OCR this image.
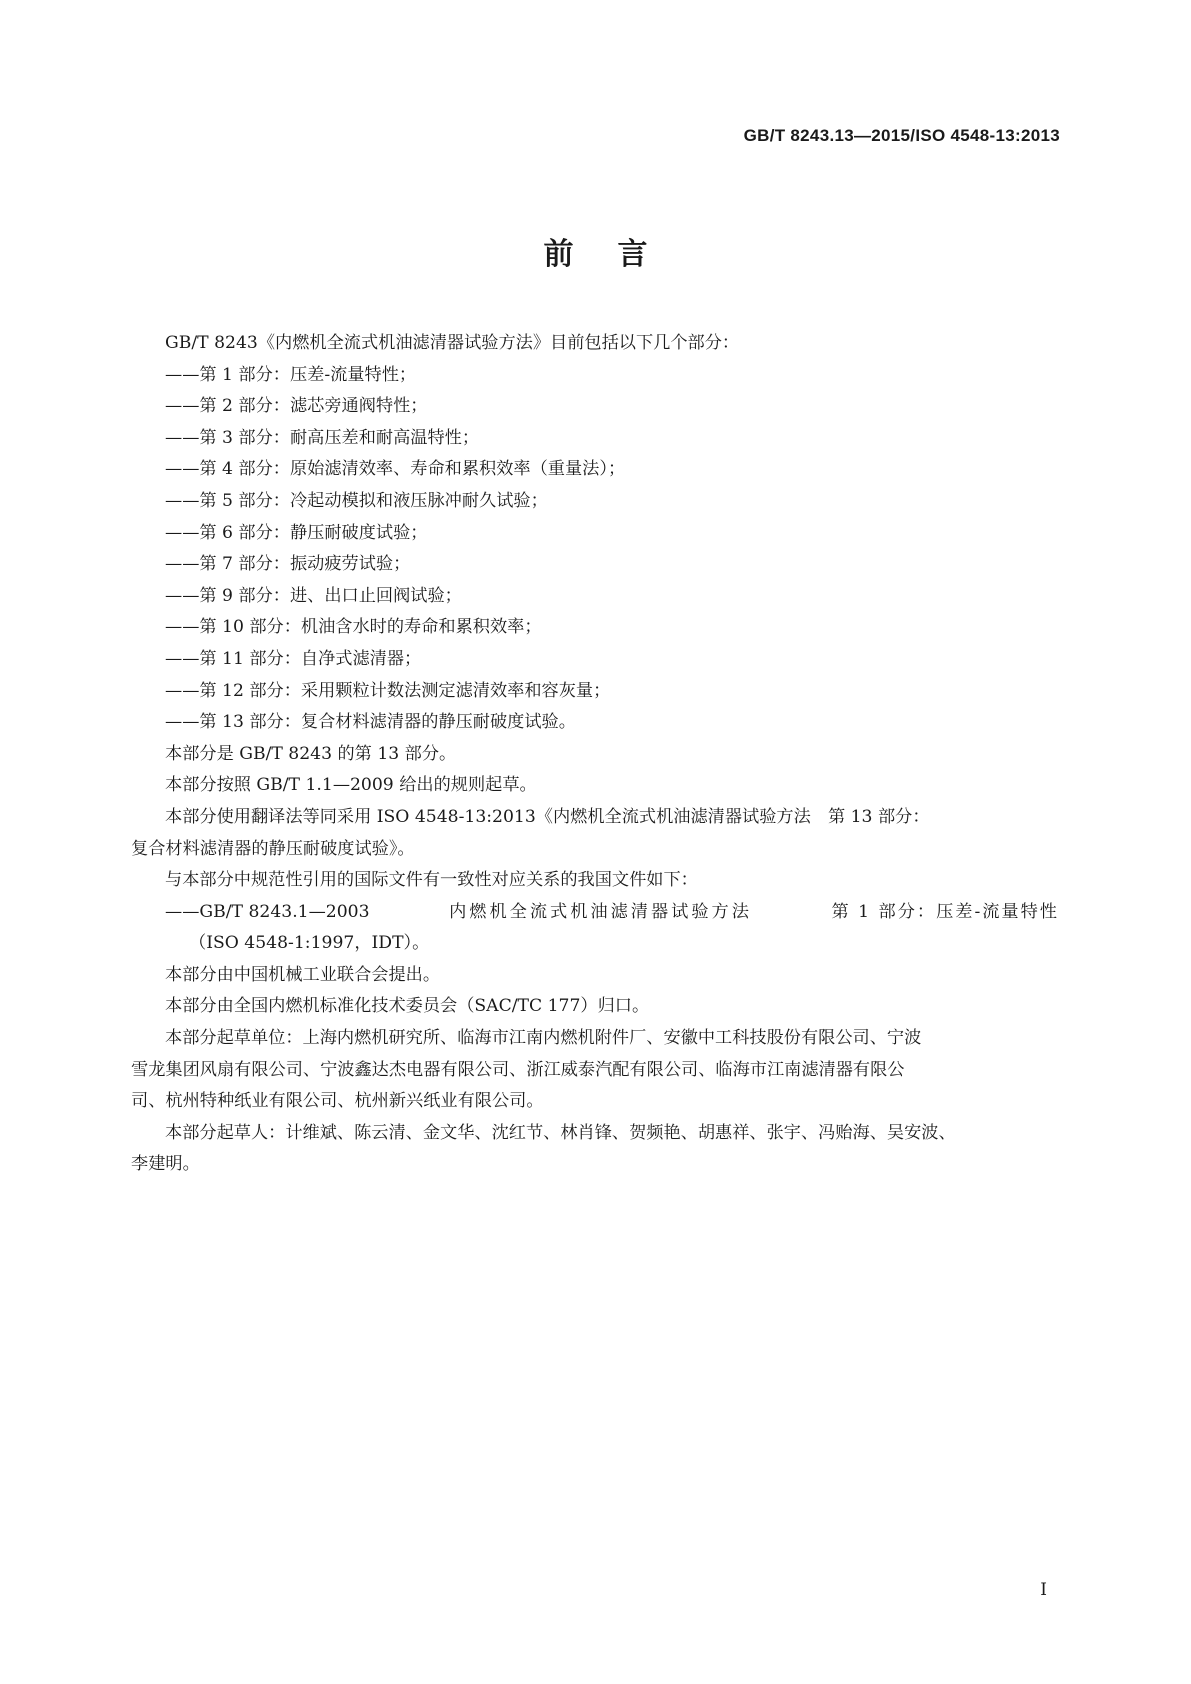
GB/T 8243.13—2015/ISO 4548-13:2013
前言

GB/T 8243《内燃机全流式机油滤清器试验方法》目前包括以下几个部分：

——第 1 部分：压差-流量特性；

——第 2 部分：滤芯旁通阀特性；

——第 3 部分：耐高压差和耐高温特性；

——第 4 部分：原始滤清效率、寿命和累积效率（重量法）；

——第 5 部分：冷起动模拟和液压脉冲耐久试验；

——第 6 部分：静压耐破度试验；

——第 7 部分：振动疲劳试验；

——第 9 部分：进、出口止回阀试验；

——第 10 部分：机油含水时的寿命和累积效率；

——第 11 部分：自净式滤清器；

——第 12 部分：采用颗粒计数法测定滤清效率和容灰量；

——第 13 部分：复合材料滤清器的静压耐破度试验。

本部分是 GB/T 8243 的第 13 部分。

本部分按照 GB/T 1.1—2009 给出的规则起草。

本部分使用翻译法等同采用 ISO 4548-13:2013《内燃机全流式机油滤清器试验方法　第 13 部分：

复合材料滤清器的静压耐破度试验》。

与本部分中规范性引用的国际文件有一致性对应关系的我国文件如下：

——GB/T 8243.1—2003	内燃机全流式机油滤清器试验方法	第 1 部分：压差-流量特性

（ISO 4548-1:1997，IDT）。

本部分由中国机械工业联合会提出。

本部分由全国内燃机标准化技术委员会（SAC/TC 177）归口。

本部分起草单位：上海内燃机研究所、临海市江南内燃机附件厂、安徽中工科技股份有限公司、宁波

雪龙集团风扇有限公司、宁波鑫达杰电器有限公司、浙江威泰汽配有限公司、临海市江南滤清器有限公

司、杭州特种纸业有限公司、杭州新兴纸业有限公司。

本部分起草人：计维斌、陈云清、金文华、沈红节、林肖锋、贺频艳、胡惠祥、张宇、冯贻海、吴安波、

李建明。

I
